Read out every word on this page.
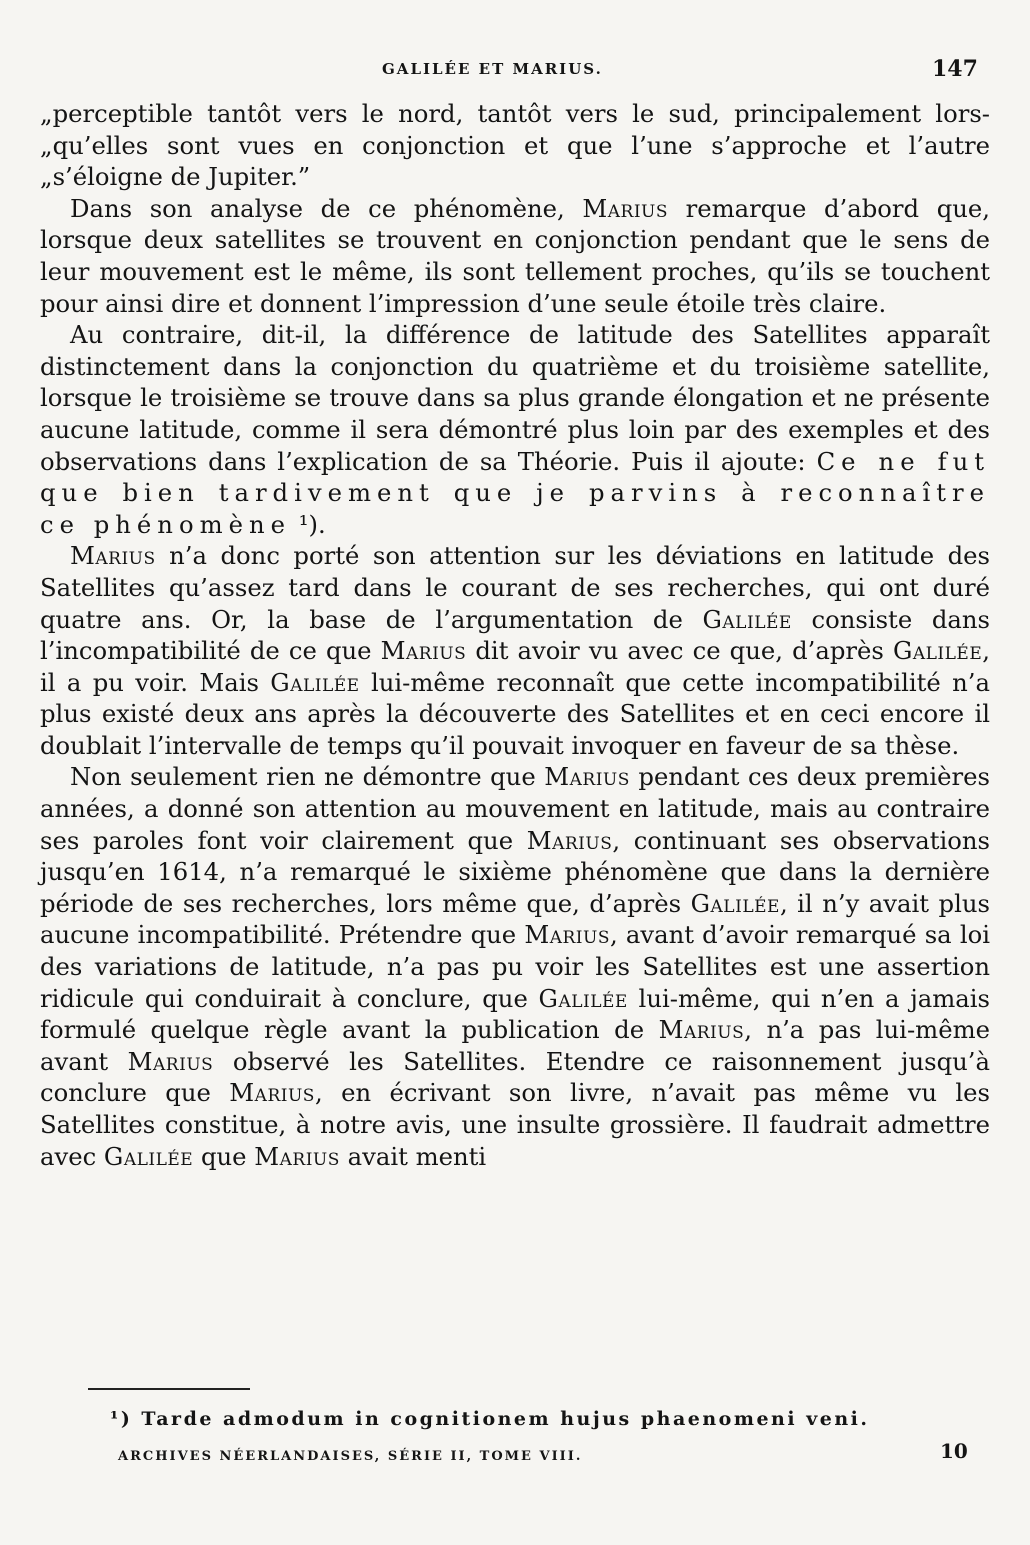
GALILÉE ET MARIUS.	147

„perceptible tantôt vers le nord, tantôt vers le sud, principalement lors- „qu’elles sont vues en conjonction et que l’une s’approche et l’autre „s’éloigne de Jupiter.”

Dans son analyse de ce phénomène, Marius remarque d’abord que, lorsque deux satellites se trouvent en conjonction pendant que le sens de leur mouvement est le même, ils sont tellement proches, qu’ils se touchent pour ainsi dire et donnent l’impression d’une seule étoile très claire.

Au contraire, dit-il, la différence de latitude des Satellites apparaît distinctement dans la conjonction du quatrième et du troisième satellite, lorsque le troisième se trouve dans sa plus grande élongation et ne présente aucune latitude, comme il sera démontré plus loin par des exemples et des observations dans l’explication de sa Théorie. Puis il ajoute: Ce ne fut que bien tardivement que je parvins à reconnaître ce phénomène ¹).

Marius n’a donc porté son attention sur les déviations en latitude des Satellites qu’assez tard dans le courant de ses recherches, qui ont duré quatre ans. Or, la base de l’argumentation de Galilée consiste dans l’incompatibilité de ce que Marius dit avoir vu avec ce que, d’après Galilée, il a pu voir. Mais Galilée lui-même reconnaît que cette incompatibilité n’a plus existé deux ans après la découverte des Satellites et en ceci encore il doublait l’intervalle de temps qu’il pouvait invoquer en faveur de sa thèse.

Non seulement rien ne démontre que Marius pendant ces deux premières années, a donné son attention au mouvement en latitude, mais au contraire ses paroles font voir clairement que Marius, continuant ses observations jusqu’en 1614, n’a remarqué le sixième phénomène que dans la dernière période de ses recherches, lors même que, d’après Galilée, il n’y avait plus aucune incompatibilité. Prétendre que Marius, avant d’avoir remarqué sa loi des variations de latitude, n’a pas pu voir les Satellites est une assertion ridicule qui conduirait à conclure, que Galilée lui-même, qui n’en a jamais formulé quelque règle avant la publication de Marius, n’a pas lui-même avant Marius observé les Satellites. Etendre ce raisonnement jusqu’à conclure que Marius, en écrivant son livre, n’avait pas même vu les Satellites constitue, à notre avis, une insulte grossière. Il faudrait admettre avec Galilée que Marius avait menti

¹) Tarde admodum in cognitionem hujus phaenomeni veni.
ARCHIVES NÉERLANDAISES, SÉRIE II, TOME VIII.	10
